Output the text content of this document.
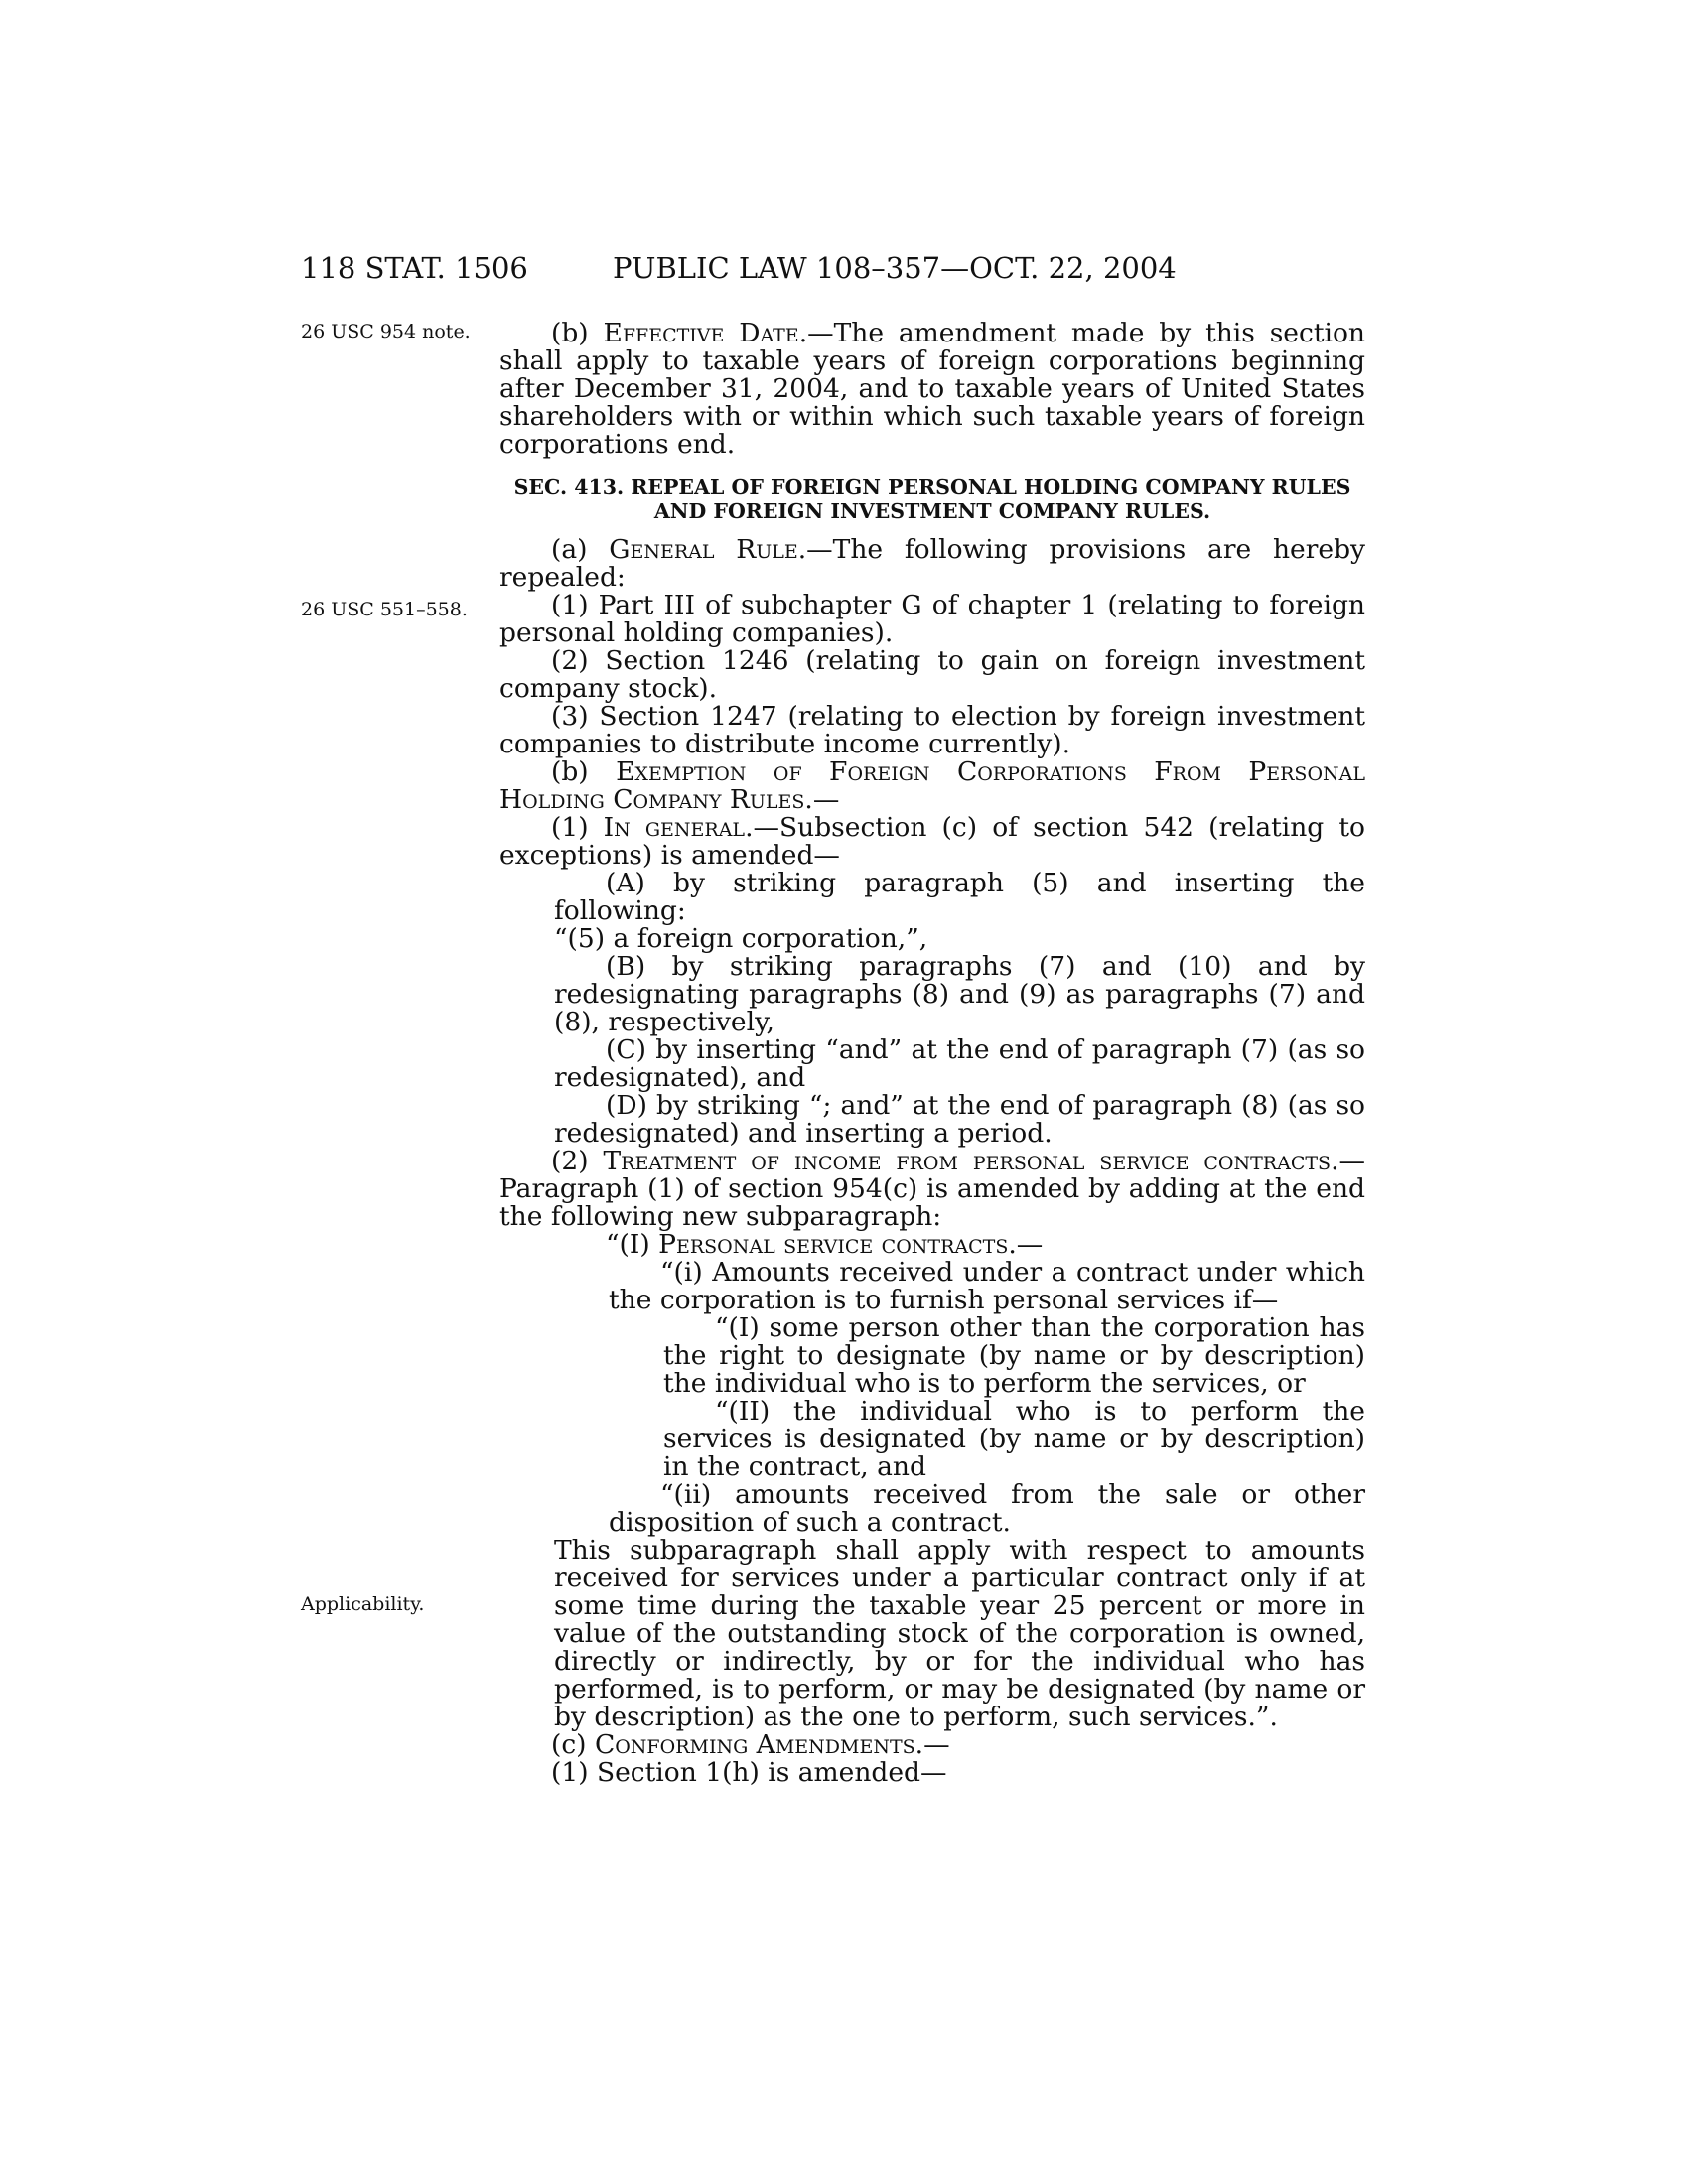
118 STAT. 1506	PUBLIC LAW 108–357—OCT. 22, 2004
26 USC 954 note.
26 USC 551–558.
Applicability.

(b) Effective Date.—The amendment made by this section shall apply to taxable years of foreign corporations beginning after December 31, 2004, and to taxable years of United States shareholders with or within which such taxable years of foreign corporations end.

SEC. 413. REPEAL OF FOREIGN PERSONAL HOLDING COMPANY RULES AND FOREIGN INVESTMENT COMPANY RULES.

(a) General Rule.—The following provisions are hereby repealed:

(1) Part III of subchapter G of chapter 1 (relating to foreign personal holding companies).

(2) Section 1246 (relating to gain on foreign investment company stock).

(3) Section 1247 (relating to election by foreign investment companies to distribute income currently).

(b) Exemption of Foreign Corporations From Personal Holding Company Rules.—

(1) In general.—Subsection (c) of section 542 (relating to exceptions) is amended—

(A) by striking paragraph (5) and inserting the following:

“(5) a foreign corporation,”,

(B) by striking paragraphs (7) and (10) and by redesignating paragraphs (8) and (9) as paragraphs (7) and (8), respectively,

(C) by inserting “and” at the end of paragraph (7) (as so redesignated), and

(D) by striking “; and” at the end of paragraph (8) (as so redesignated) and inserting a period.

(2) Treatment of income from personal service contracts.—Paragraph (1) of section 954(c) is amended by adding at the end the following new subparagraph:

“(I) Personal service contracts.—

“(i) Amounts received under a contract under which the corporation is to furnish personal services if—

“(I) some person other than the corporation has the right to designate (by name or by description) the individual who is to perform the services, or

“(II) the individual who is to perform the services is designated (by name or by description) in the contract, and

“(ii) amounts received from the sale or other disposition of such a contract.

This subparagraph shall apply with respect to amounts received for services under a particular contract only if at some time during the taxable year 25 percent or more in value of the outstanding stock of the corporation is owned, directly or indirectly, by or for the individual who has performed, is to perform, or may be designated (by name or by description) as the one to perform, such services.”.

(c) Conforming Amendments.—

(1) Section 1(h) is amended—
